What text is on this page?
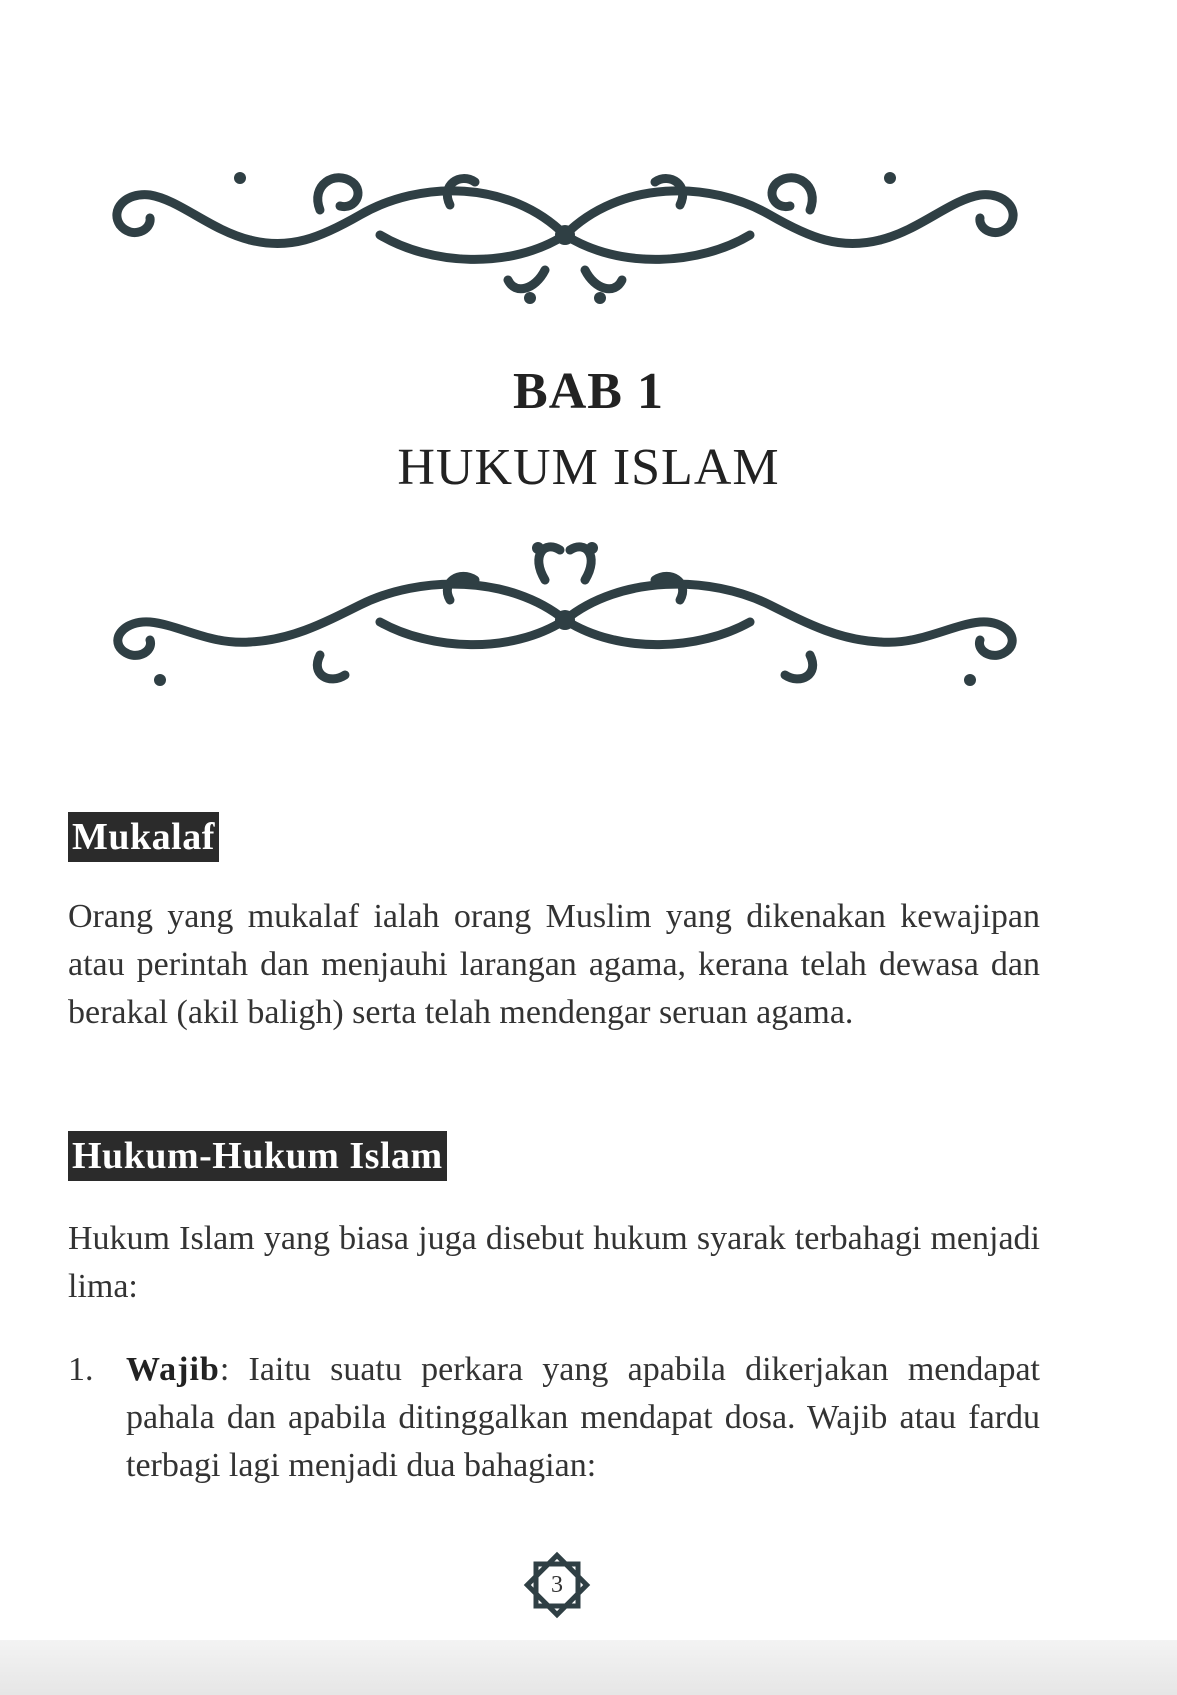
BAB 1
HUKUM ISLAM
Mukalaf
Orang yang mukalaf ialah orang Muslim yang dikenakan kewajipan atau perintah dan menjauhi larangan agama, kerana telah dewasa dan berakal (akil baligh) serta telah mendengar seruan agama.
Hukum-Hukum Islam
Hukum Islam yang biasa juga disebut hukum syarak terbahagi menjadi lima:
1. Wajib: Iaitu suatu perkara yang apabila dikerjakan mendapat pahala dan apabila ditinggalkan mendapat dosa. Wajib atau fardu terbagi lagi menjadi dua bahagian:
3
